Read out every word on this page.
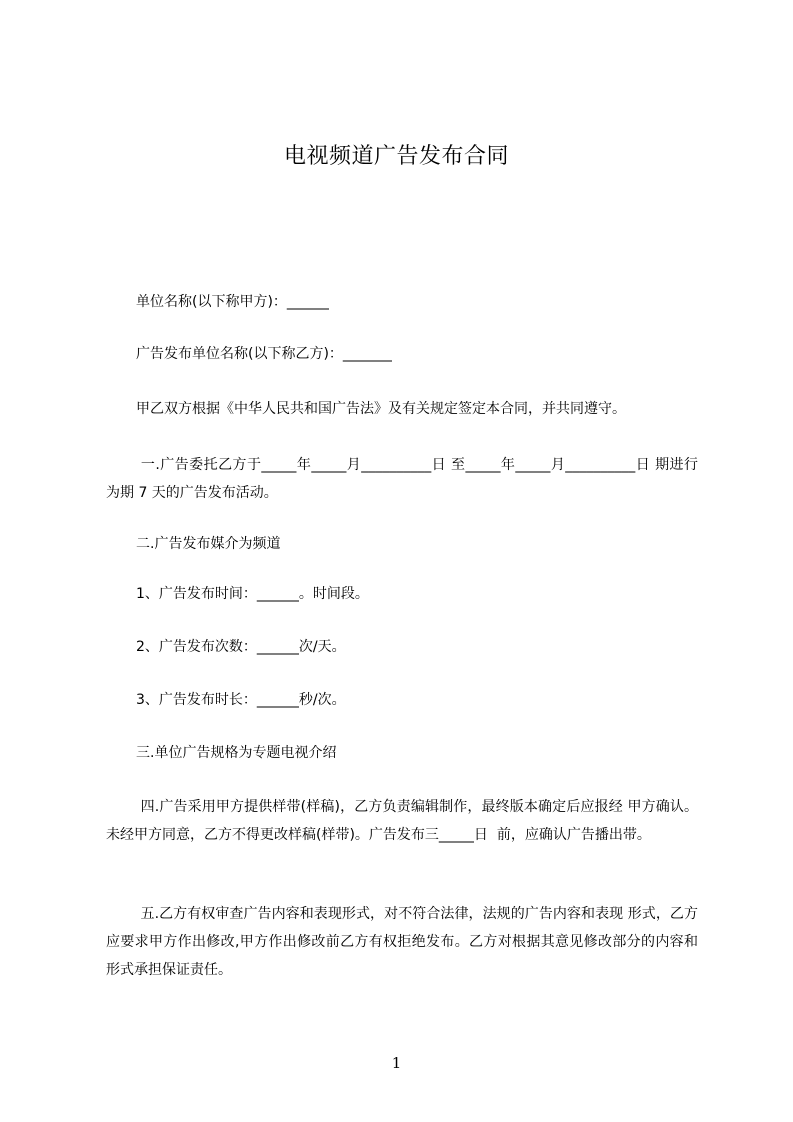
电视频道广告发布合同
单位名称(以下称甲方)：______
广告发布单位名称(以下称乙方)：_______
甲乙双方根据《中华人民共和国广告法》及有关规定签定本合同，并共同遵守。
一.广告委托乙方于_____年_____月__________日 至_____年_____月__________日 期进行为期 7 天的广告发布活动。
二.广告发布媒介为频道
1、广告发布时间：______。时间段。
2、广告发布次数：______次/天。
3、广告发布时长：______秒/次。
三.单位广告规格为专题电视介绍
四.广告采用甲方提供样带(样稿)，乙方负责编辑制作，最终版本确定后应报经 甲方确认。未经甲方同意，乙方不得更改样稿(样带)。广告发布三_____日  前，应确认广告播出带。
五.乙方有权审查广告内容和表现形式，对不符合法律，法规的广告内容和表现 形式，乙方应要求甲方作出修改,甲方作出修改前乙方有权拒绝发布。乙方对根据其意见修改部分的内容和形式承担保证责任。
1
